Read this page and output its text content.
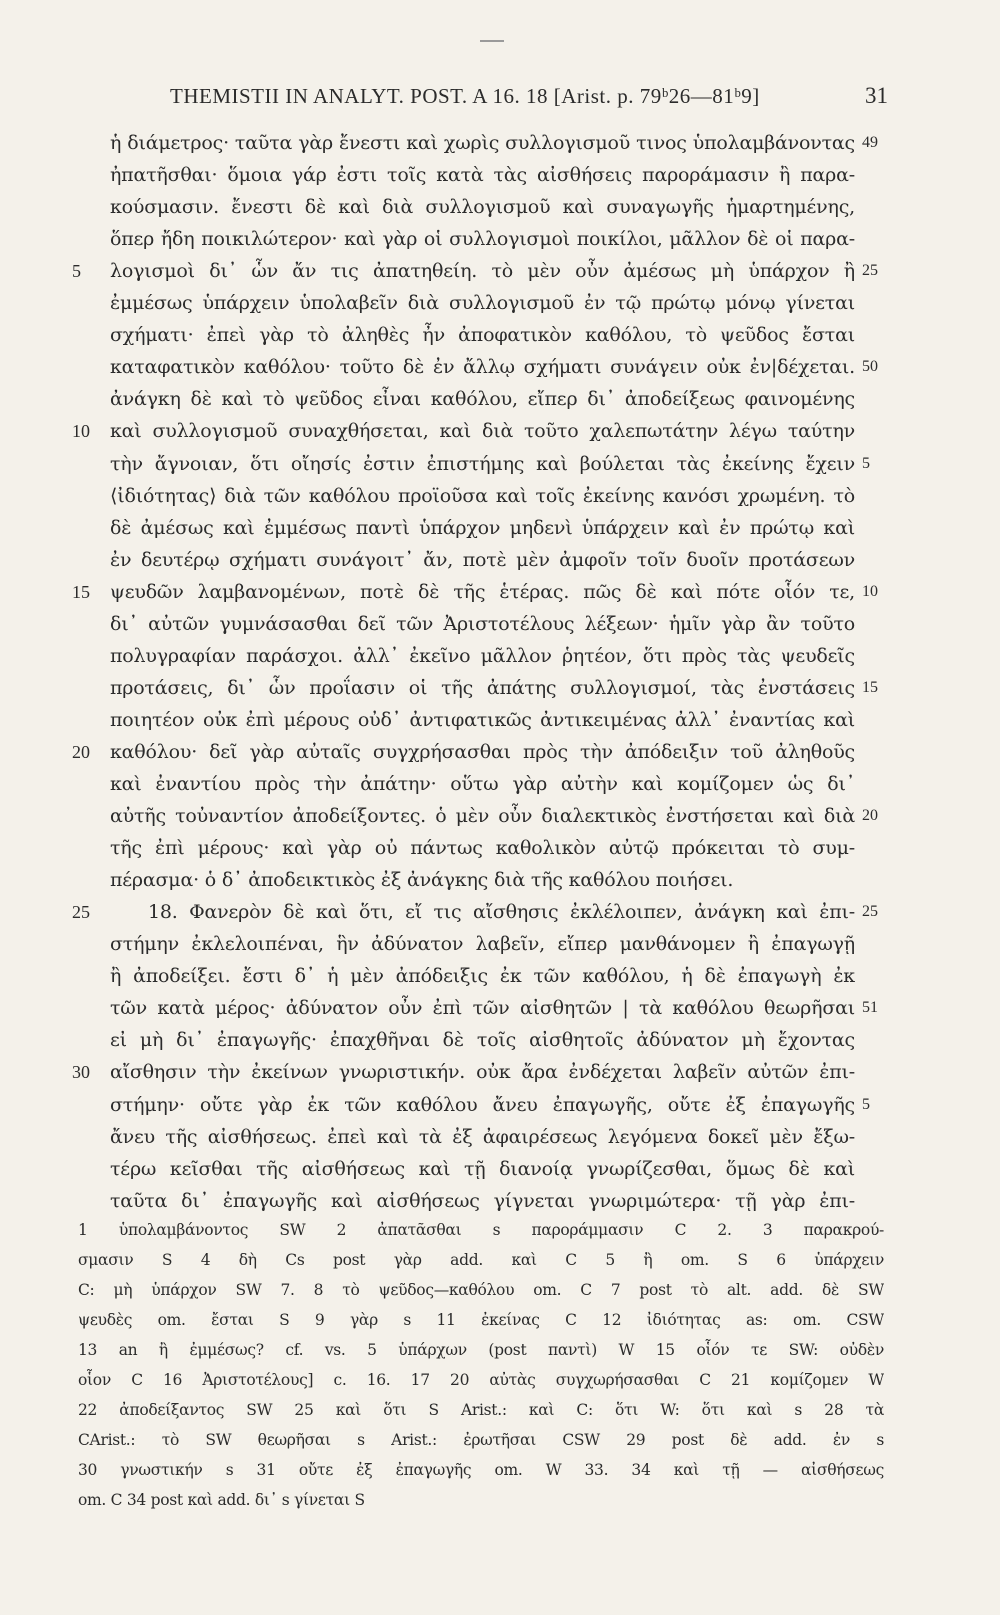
THEMISTII IN ANALYT. POST. A 16. 18 [Arist. p. 79ᵇ26—81ᵇ9]	31
ἡ διάμετρος· ταῦτα γὰρ ἔνεστι καὶ χωρὶς συλλογισμοῦ τινος ὑπολαμβάνοντας 49
ἠπατῆσθαι· ὅμοια γάρ ἐστι τοῖς κατὰ τὰς αἰσθήσεις παροράμασιν ἢ παρα-
κούσμασιν. ἔνεστι δὲ καὶ διὰ συλλογισμοῦ καὶ συναγωγῆς ἡμαρτημένης,
ὅπερ ἤδη ποικιλώτερον· καὶ γὰρ οἱ συλλογισμοὶ ποικίλοι, μᾶλλον δὲ οἱ παρα-
λογισμοὶ δι᾽ ὧν ἄν τις ἀπατηθείη. τὸ μὲν οὖν ἀμέσως μὴ ὑπάρχον ἢ
5	25
ἐμμέσως ὑπάρχειν ὑπολαβεῖν διὰ συλλογισμοῦ ἐν τῷ πρώτῳ μόνῳ γίνεται
σχήματι· ἐπεὶ γὰρ τὸ ἀληθὲς ἦν ἀποφατικὸν καθόλου, τὸ ψεῦδος ἔσται
καταφατικὸν καθόλου· τοῦτο δὲ ἐν ἄλλῳ σχήματι συνάγειν οὐκ ἐν|δέχεται. 50
ἀνάγκη δὲ καὶ τὸ ψεῦδος εἶναι καθόλου, εἴπερ δι᾽ ἀποδείξεως φαινομένης
καὶ συλλογισμοῦ συναχθήσεται, καὶ διὰ τοῦτο χαλεπωτάτην λέγω ταύτην
10
τὴν ἄγνοιαν, ὅτι οἴησίς ἐστιν ἐπιστήμης καὶ βούλεται τὰς ἐκείνης ἔχειν 5
⟨ἰδιότητας⟩ διὰ τῶν καθόλου προϊοῦσα καὶ τοῖς ἐκείνης κανόσι χρωμένη. τὸ
δὲ ἀμέσως καὶ ἐμμέσως παντὶ ὑπάρχον μηδενὶ ὑπάρχειν καὶ ἐν πρώτῳ καὶ
ἐν δευτέρῳ σχήματι συνάγοιτ᾽ ἄν, ποτὲ μὲν ἀμφοῖν τοῖν δυοῖν προτάσεων
ψευδῶν λαμβανομένων, ποτὲ δὲ τῆς ἑτέρας. πῶς δὲ καὶ πότε οἷόν τε,
15	10
δι᾽ αὐτῶν γυμνάσασθαι δεῖ τῶν Ἀριστοτέλους λέξεων· ἡμῖν γὰρ ἂν τοῦτο
πολυγραφίαν παράσχοι. ἀλλ᾽ ἐκεῖνο μᾶλλον ῥητέον, ὅτι πρὸς τὰς ψευδεῖς
προτάσεις, δι᾽ ὧν προΐασιν οἱ τῆς ἀπάτης συλλογισμοί, τὰς ἐνστάσεις 15
ποιητέον οὐκ ἐπὶ μέρους οὐδ᾽ ἀντιφατικῶς ἀντικειμένας ἀλλ᾽ ἐναντίας καὶ
καθόλου· δεῖ γὰρ αὐταῖς συγχρήσασθαι πρὸς τὴν ἀπόδειξιν τοῦ ἀληθοῦς
20
καὶ ἐναντίου πρὸς τὴν ἀπάτην· οὕτω γὰρ αὐτὴν καὶ κομίζομεν ὡς δι᾽
αὐτῆς τοὐναντίον ἀποδείξοντες. ὁ μὲν οὖν διαλεκτικὸς ἐνστήσεται καὶ διὰ 20
τῆς ἐπὶ μέρους· καὶ γὰρ οὐ πάντως καθολικὸν αὐτῷ πρόκειται τὸ συμ-
πέρασμα· ὁ δ᾽ ἀποδεικτικὸς ἐξ ἀνάγκης διὰ τῆς καθόλου ποιήσει.
18. Φανερὸν δὲ καὶ ὅτι, εἴ τις αἴσθησις ἐκλέλοιπεν, ἀνάγκη καὶ ἐπι-
25	25
στήμην ἐκλελοιπέναι, ἣν ἀδύνατον λαβεῖν, εἴπερ μανθάνομεν ἢ ἐπαγωγῇ
ἢ ἀποδείξει. ἔστι δ᾽ ἡ μὲν ἀπόδειξις ἐκ τῶν καθόλου, ἡ δὲ ἐπαγωγὴ ἐκ
τῶν κατὰ μέρος· ἀδύνατον οὖν ἐπὶ τῶν αἰσθητῶν | τὰ καθόλου θεωρῆσαι 51
εἰ μὴ δι᾽ ἐπαγωγῆς· ἐπαχθῆναι δὲ τοῖς αἰσθητοῖς ἀδύνατον μὴ ἔχοντας
αἴσθησιν τὴν ἐκείνων γνωριστικήν. οὐκ ἄρα ἐνδέχεται λαβεῖν αὐτῶν ἐπι-
30
στήμην· οὔτε γὰρ ἐκ τῶν καθόλου ἄνευ ἐπαγωγῆς, οὔτε ἐξ ἐπαγωγῆς 5
ἄνευ τῆς αἰσθήσεως. ἐπεὶ καὶ τὰ ἐξ ἀφαιρέσεως λεγόμενα δοκεῖ μὲν ἔξω-
τέρω κεῖσθαι τῆς αἰσθήσεως καὶ τῇ διανοίᾳ γνωρίζεσθαι, ὅμως δὲ καὶ
ταῦτα δι᾽ ἐπαγωγῆς καὶ αἰσθήσεως γίγνεται γνωριμώτερα· τῇ γὰρ ἐπι-
1 ὑπολαμβάνοντος SW 2 ἀπατᾶσθαι s παροράμμασιν C 2. 3 παρακρού-
σμασιν S 4 δὴ Cs post γὰρ add. καὶ C 5 ἢ om. S 6 ὑπάρχειν
C: μὴ ὑπάρχον SW 7. 8 τὸ ψεῦδος—καθόλου om. C 7 post τὸ alt. add. δὲ SW
ψευδὲς om. ἔσται S 9 γὰρ s 11 ἐκείνας C 12 ἰδιότητας as: om. CSW
13 an ἢ ἐμμέσως? cf. vs. 5 ὑπάρχων (post παντὶ) W 15 οἷόν τε SW: οὐδὲν
οἷον C 16 Ἀριστοτέλους] c. 16. 17 20 αὐτὰς συγχωρήσασθαι C 21 κομίζομεν W
22 ἀποδείξαντος SW 25 καὶ ὅτι S Arist.: καὶ C: ὅτι W: ὅτι καὶ s 28 τὰ
CArist.: τὸ SW θεωρῆσαι s Arist.: ἐρωτῆσαι CSW 29 post δὲ add. ἐν s
30 γνωστικήν s 31 οὔτε ἐξ ἐπαγωγῆς om. W 33. 34 καὶ τῇ — αἰσθήσεως
om. C 34 post καὶ add. δι᾽ s γίνεται S
